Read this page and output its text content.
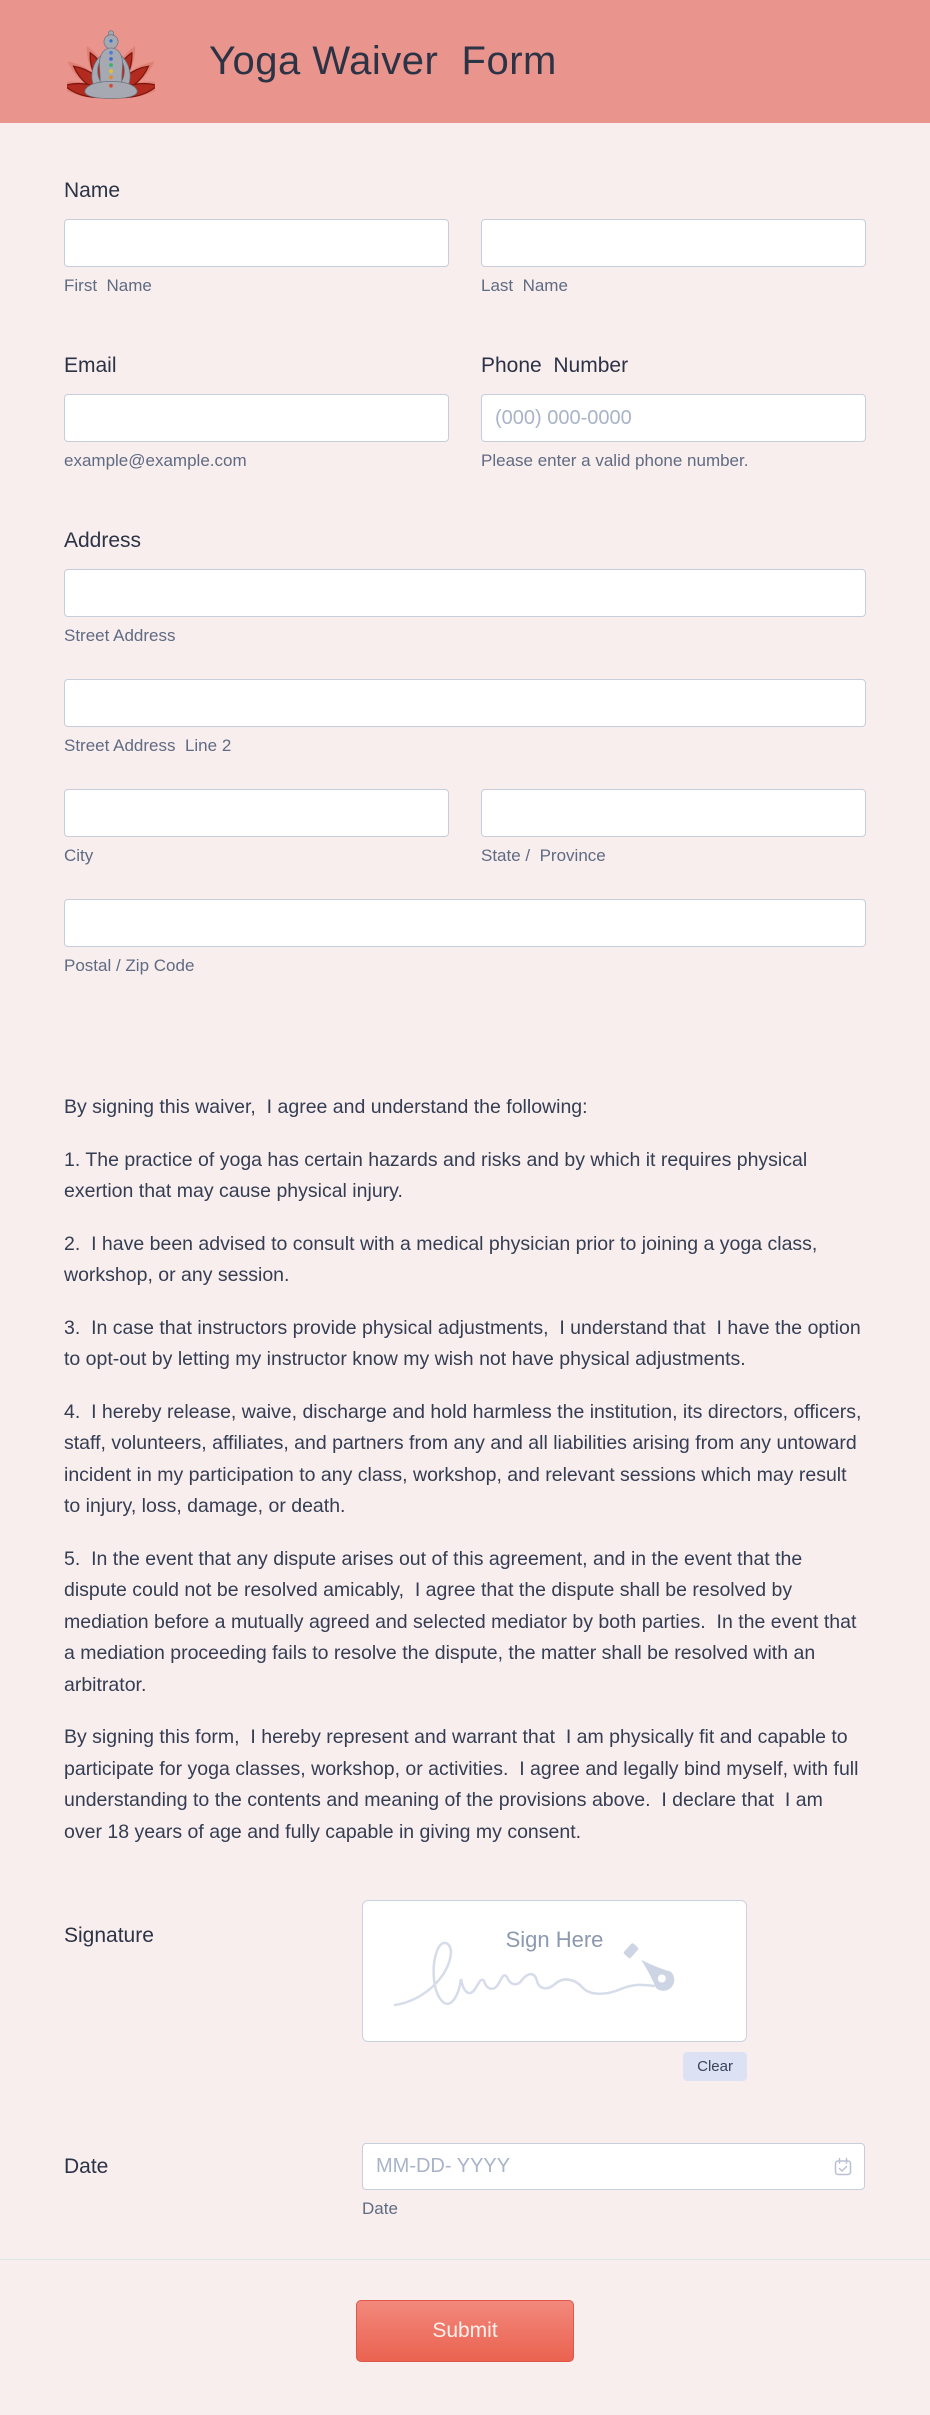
Yoga Waiver  Form
Name
First  Name	Last  Name
Email
example@example.com
Phone  Number
(000) 000-0000
Please enter a valid phone number.
Address
Street Address
Street Address  Line 2
City	State /  Province
Postal / Zip Code

By signing this waiver,  I agree and understand the following:

1. The practice of yoga has certain hazards and risks and by which it requires physical exertion that may cause physical injury.

2.  I have been advised to consult with a medical physician prior to joining a yoga class, workshop, or any session.

3.  In case that instructors provide physical adjustments,  I understand that  I have the option to opt-out by letting my instructor know my wish not have physical adjustments.

4.  I hereby release, waive, discharge and hold harmless the institution, its directors, officers, staff, volunteers, affiliates, and partners from any and all liabilities arising from any untoward incident in my participation to any class, workshop, and relevant sessions which may result to injury, loss, damage, or death.

5.  In the event that any dispute arises out of this agreement, and in the event that the dispute could not be resolved amicably,  I agree that the dispute shall be resolved by mediation before a mutually agreed and selected mediator by both parties.  In the event that a mediation proceeding fails to resolve the dispute, the matter shall be resolved with an arbitrator.

By signing this form,  I hereby represent and warrant that  I am physically fit and capable to participate for yoga classes, workshop, or activities.  I agree and legally bind myself, with full understanding to the contents and meaning of the provisions above.  I declare that  I am over 18 years of age and fully capable in giving my consent.

Signature	Sign Here
Clear
Date
MM-DD- YYYY
Date
Submit
